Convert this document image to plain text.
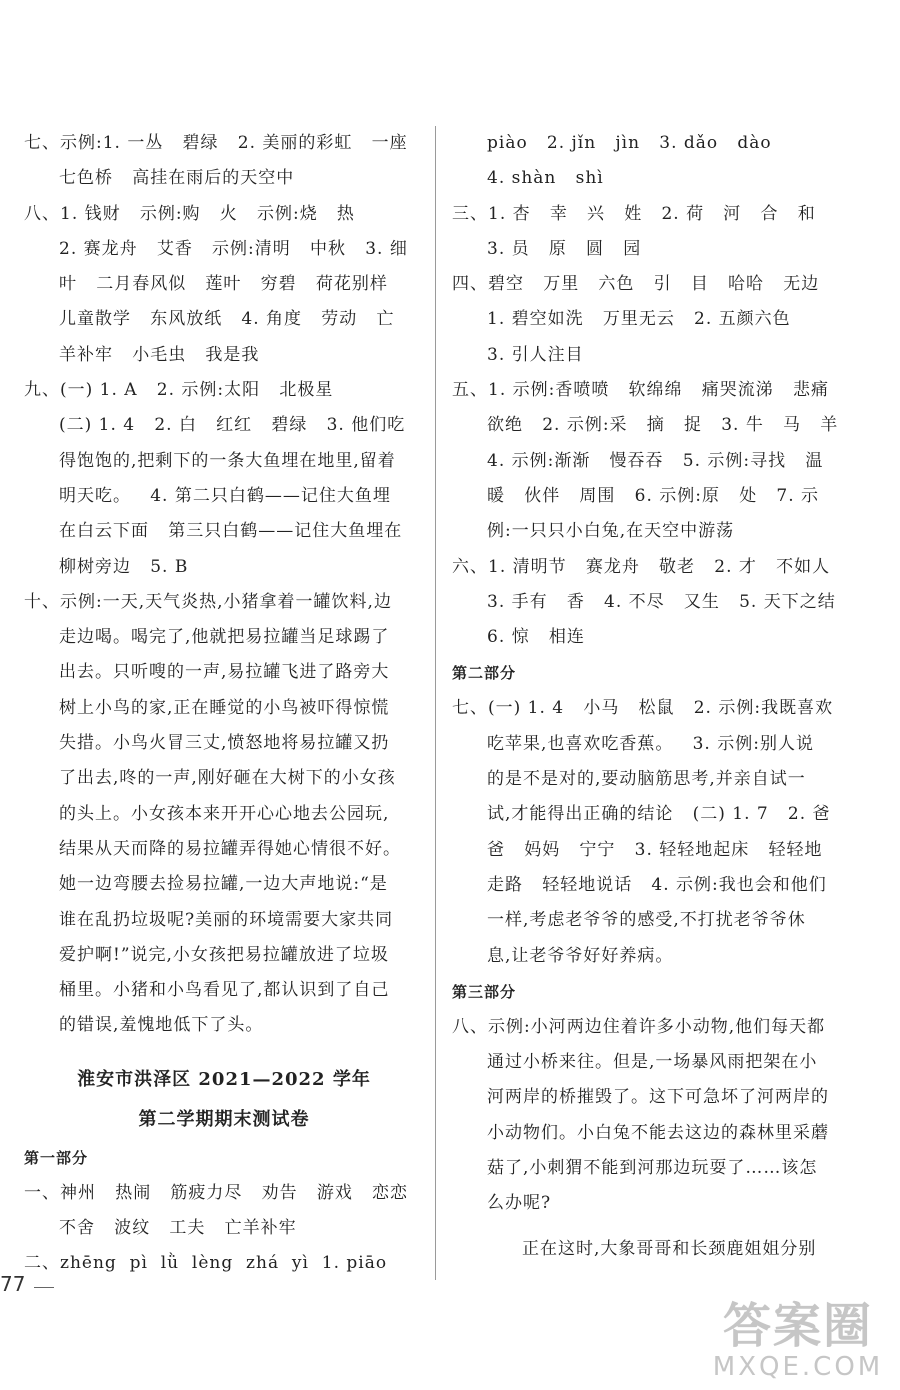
七、示例:1. 一丛   碧绿   2. 美丽的彩虹   一座
七色桥   高挂在雨后的天空中
八、1. 钱财   示例:购   火   示例:烧   热
2. 赛龙舟   艾香   示例:清明   中秋   3. 细
叶   二月春风似   莲叶   穷碧   荷花别样
儿童散学   东风放纸   4. 角度   劳动   亡
羊补牢   小毛虫   我是我
九、(一) 1. A   2. 示例:太阳   北极星
(二) 1. 4   2. 白   红红   碧绿   3. 他们吃
得饱饱的,把剩下的一条大鱼埋在地里,留着
明天吃。   4. 第二只白鹤——记住大鱼埋
在白云下面   第三只白鹤——记住大鱼埋在
柳树旁边   5. B
十、示例:一天,天气炎热,小猪拿着一罐饮料,边
走边喝。喝完了,他就把易拉罐当足球踢了
出去。只听嗖的一声,易拉罐飞进了路旁大
树上小鸟的家,正在睡觉的小鸟被吓得惊慌
失措。小鸟火冒三丈,愤怒地将易拉罐又扔
了出去,咚的一声,刚好砸在大树下的小女孩
的头上。小女孩本来开开心心地去公园玩,
结果从天而降的易拉罐弄得她心情很不好。
她一边弯腰去捡易拉罐,一边大声地说:“是
谁在乱扔垃圾呢?美丽的环境需要大家共同
爱护啊!”说完,小女孩把易拉罐放进了垃圾
桶里。小猪和小鸟看见了,都认识到了自己
的错误,羞愧地低下了头。
淮安市洪泽区 2021—2022 学年
第二学期期末测试卷
第一部分
一、神州   热闹   筋疲力尽   劝告   游戏   恋恋
不舍   波纹   工夫   亡羊补牢
二、zhēng  pì  lǜ  lèng  zhá  yì  1. piāo
piào   2. jǐn   jìn   3. dǎo   dào
4. shàn   shì
三、1. 杏   幸   兴   姓   2. 荷   河   合   和
3. 员   原   圆   园
四、碧空   万里   六色   引   目   哈哈   无边
1. 碧空如洗   万里无云   2. 五颜六色
3. 引人注目
五、1. 示例:香喷喷   软绵绵   痛哭流涕   悲痛
欲绝   2. 示例:采   摘   捉   3. 牛   马   羊
4. 示例:渐渐   慢吞吞   5. 示例:寻找   温
暖   伙伴   周围   6. 示例:原   处   7. 示
例:一只只小白兔,在天空中游荡
六、1. 清明节   赛龙舟   敬老   2. 才   不如人
3. 手有   香   4. 不尽   又生   5. 天下之结
6. 惊   相连
第二部分
七、(一) 1. 4   小马   松鼠   2. 示例:我既喜欢
吃苹果,也喜欢吃香蕉。   3. 示例:别人说
的是不是对的,要动脑筋思考,并亲自试一
试,才能得出正确的结论   (二) 1. 7   2. 爸
爸   妈妈   宁宁   3. 轻轻地起床   轻轻地
走路   轻轻地说话   4. 示例:我也会和他们
一样,考虑老爷爷的感受,不打扰老爷爷休
息,让老爷爷好好养病。
第三部分
八、示例:小河两边住着许多小动物,他们每天都
通过小桥来往。但是,一场暴风雨把架在小
河两岸的桥摧毁了。这下可急坏了河两岸的
小动物们。小白兔不能去这边的森林里采蘑
菇了,小刺猬不能到河那边玩耍了……该怎
么办呢?
正在这时,大象哥哥和长颈鹿姐姐分别
77
答案圈
MXQE.COM
